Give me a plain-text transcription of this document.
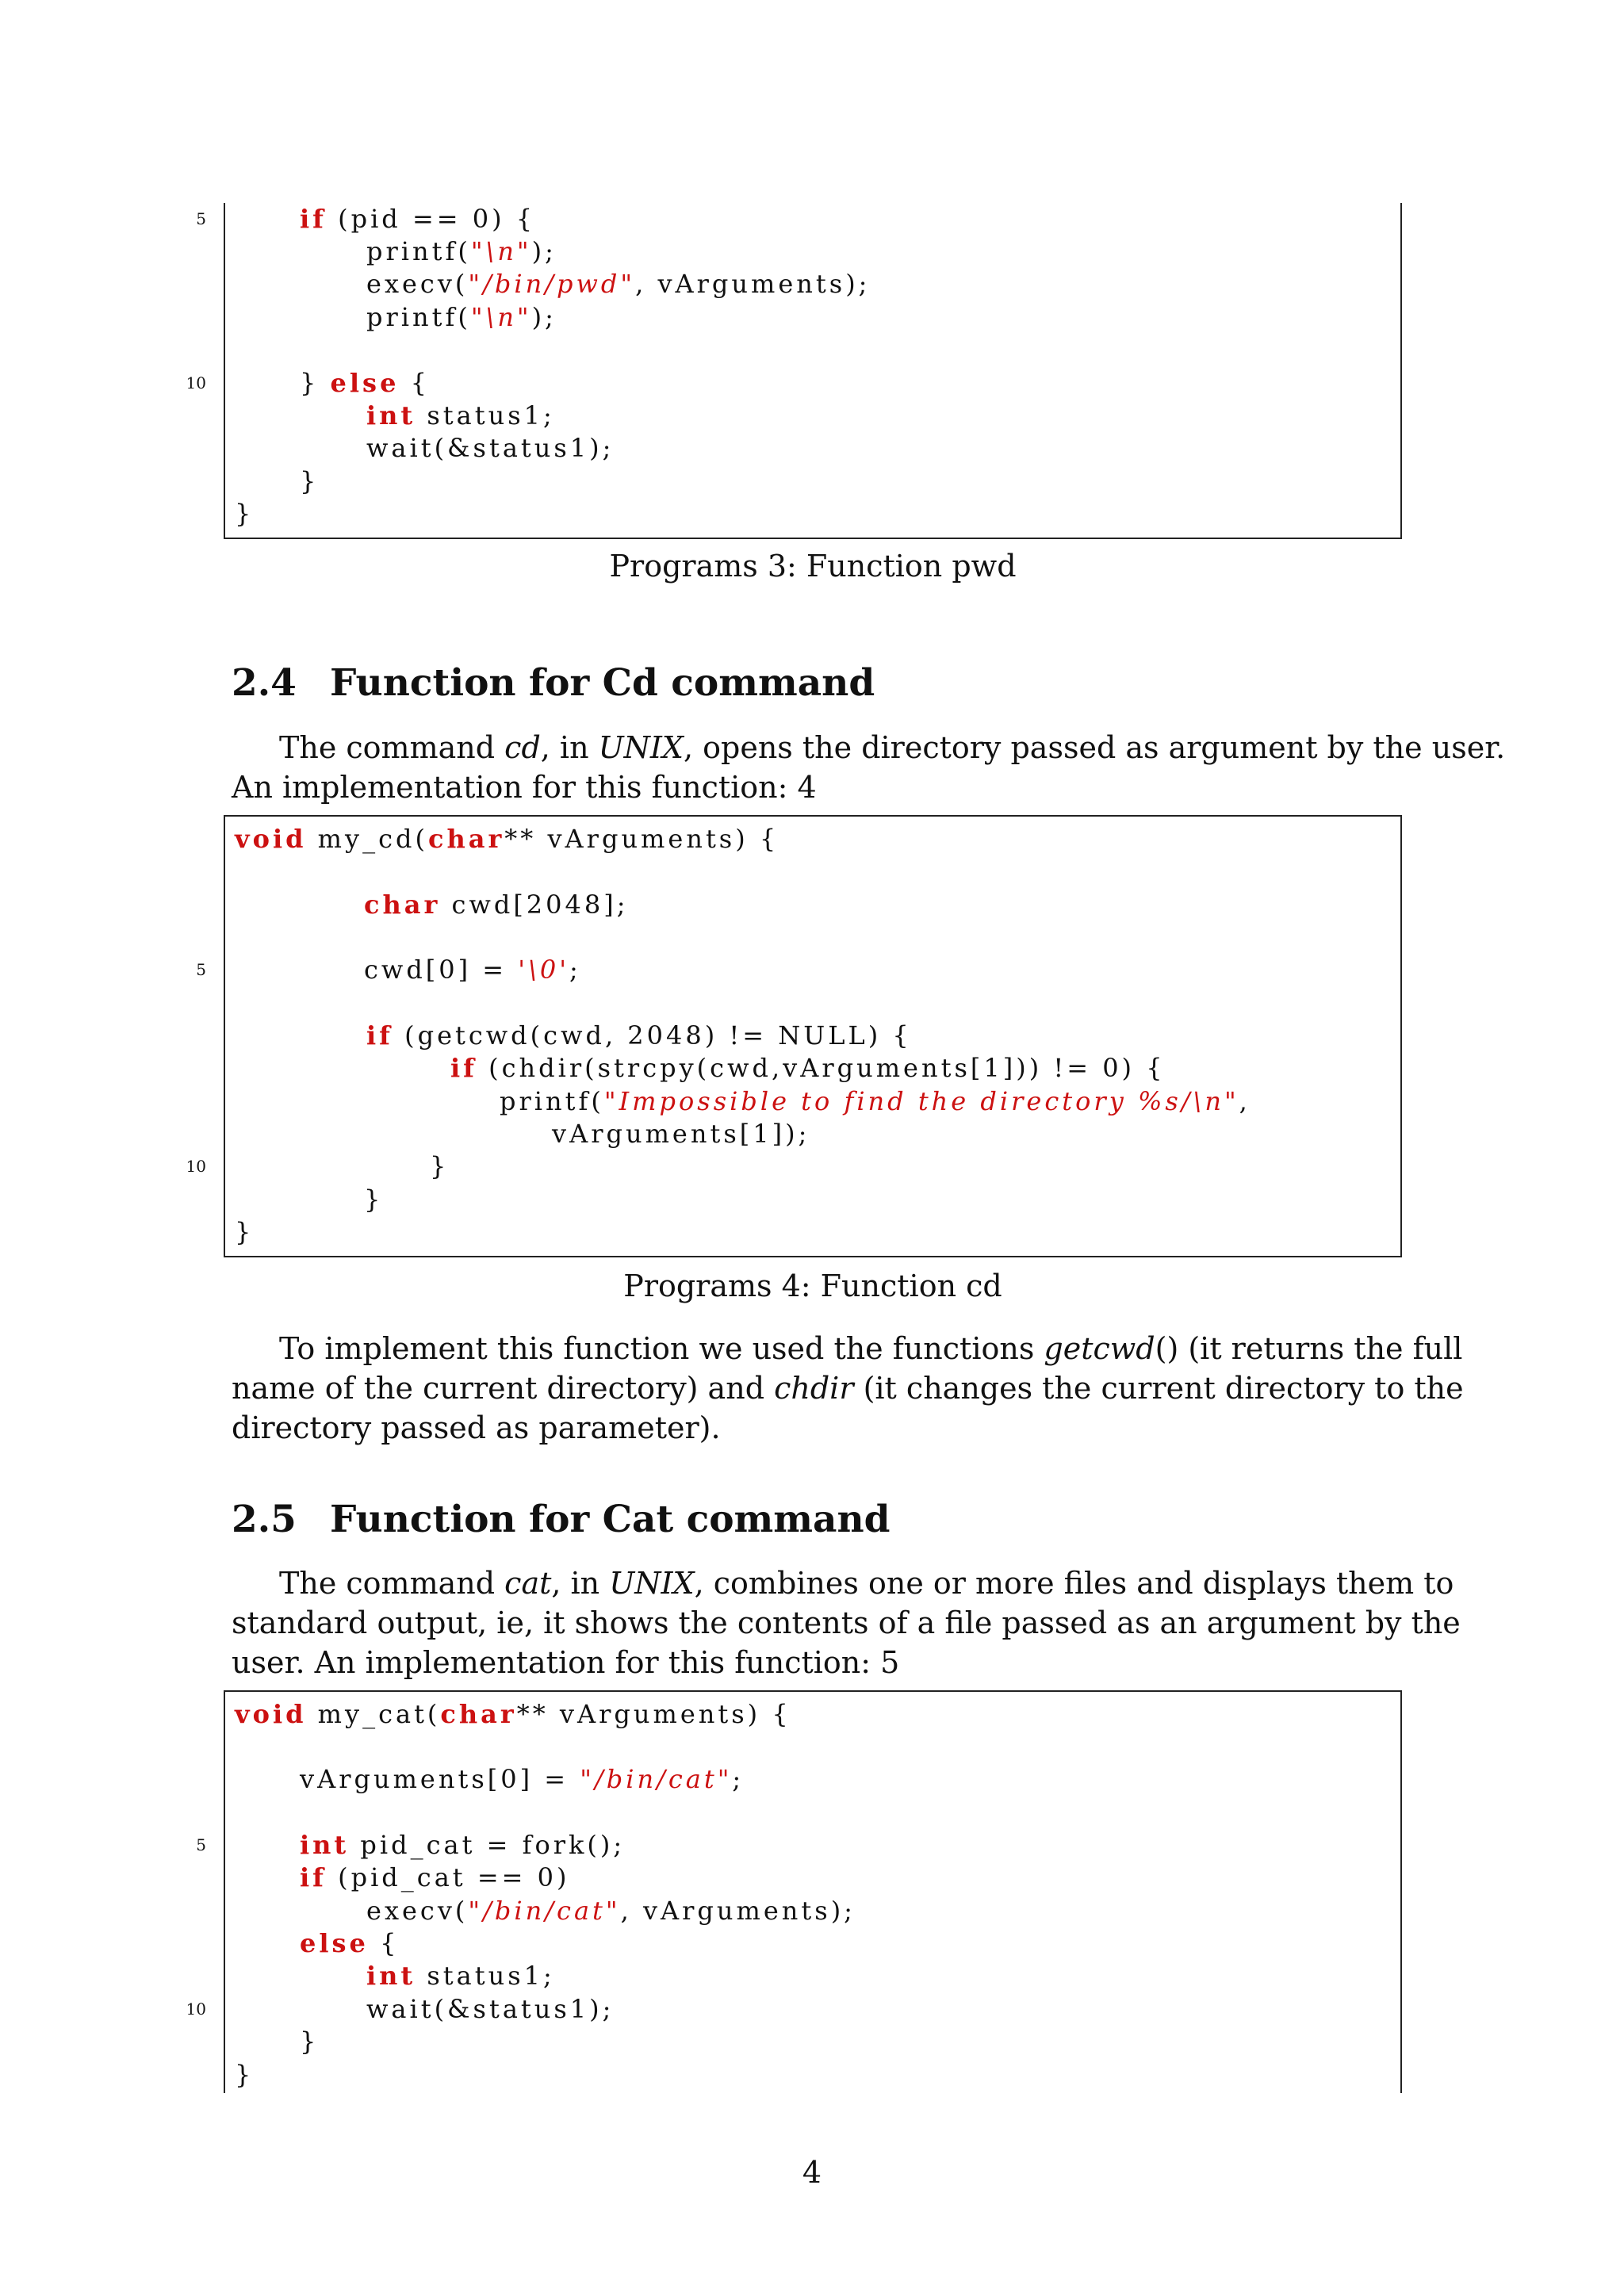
if (pid == 0) {
5
printf("\n");
execv("/bin/pwd", vArguments);
printf("\n");
} else {
10
int status1;
wait(&status1);
}
}
Programs 3: Function pwd
2.4 Function for Cd command
The command cd, in UNIX, opens the directory passed as argument by the user.
An implementation for this function: 4
void my_cd(char** vArguments) {
char cwd[2048];
cwd[0] = '\0';
5
if (getcwd(cwd, 2048) != NULL) {
if (chdir(strcpy(cwd,vArguments[1])) != 0) {
printf("Impossible to find the directory %s/\n",
vArguments[1]);
}
10
}
}
Programs 4: Function cd
To implement this function we used the functions getcwd() (it returns the full
name of the current directory) and chdir (it changes the current directory to the
directory passed as parameter).
2.5 Function for Cat command
The command cat, in UNIX, combines one or more files and displays them to
standard output, ie, it shows the contents of a file passed as an argument by the
user. An implementation for this function: 5
void my_cat(char** vArguments) {
vArguments[0] = "/bin/cat";
int pid_cat = fork();
5
if (pid_cat == 0)
execv("/bin/cat", vArguments);
else {
int status1;
wait(&status1);
10
}
}
4
